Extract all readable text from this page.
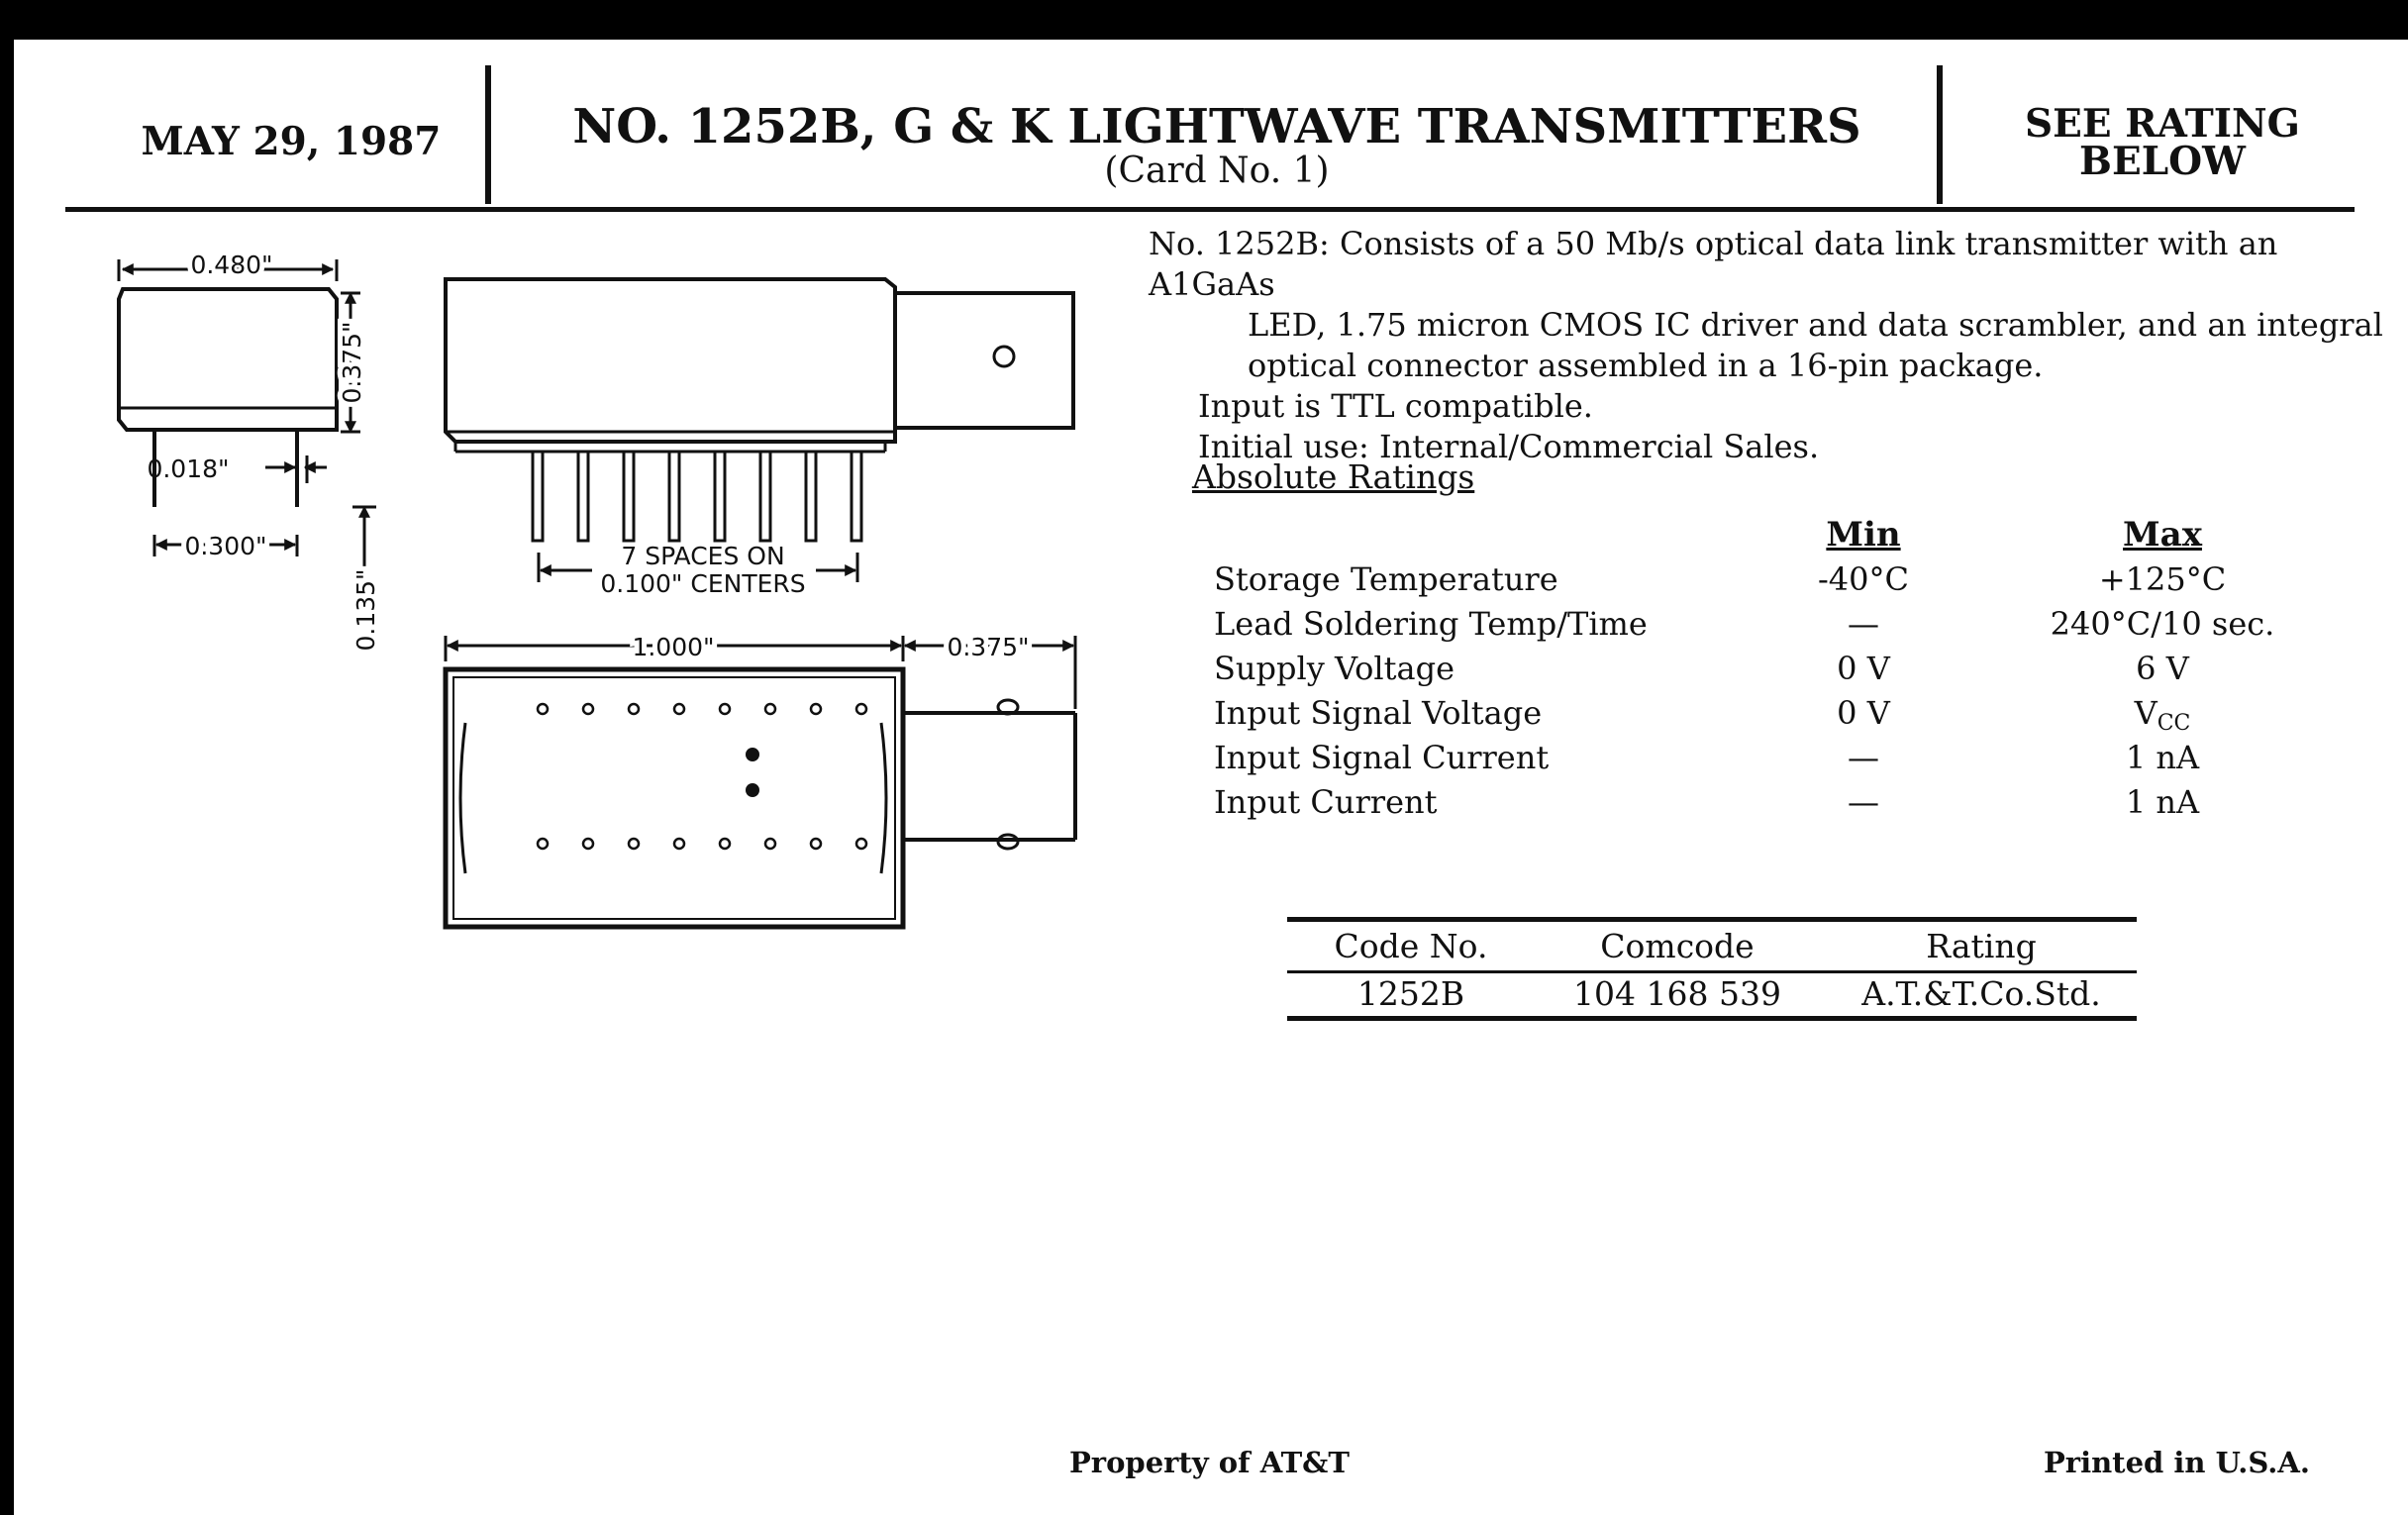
MAY 29, 1987	NO. 1252B, G & K LIGHTWAVE TRANSMITTERS
(Card No. 1)
SEE RATING
BELOW
No. 1252B: Consists of a 50 Mb/s optical data link transmitter with an A1GaAs
LED, 1.75 micron CMOS IC driver and data scrambler, and an integral
optical connector assembled in a 16-pin package.
Input is TTL compatible.
Initial use: Internal/Commercial Sales.
Absolute Ratings
Min	Max
Storage Temperature	-40°C	+125°C
Lead Soldering Temp/Time	—	240°C/10 sec.
Supply Voltage	0 V	6 V
Input Signal Voltage	0 V	VCC
Input Signal Current	—	1 nA
Input Current	—	1 nA
Code No.	Comcode	Rating
1252B	104 168 539	A.T.&T.Co.Std.
Property of AT&T	Printed in U.S.A.
0.480"
0.375"
0.018"
0.300"
0.135"
7 SPACES ON
0.100" CENTERS
1.000"	0.375"
